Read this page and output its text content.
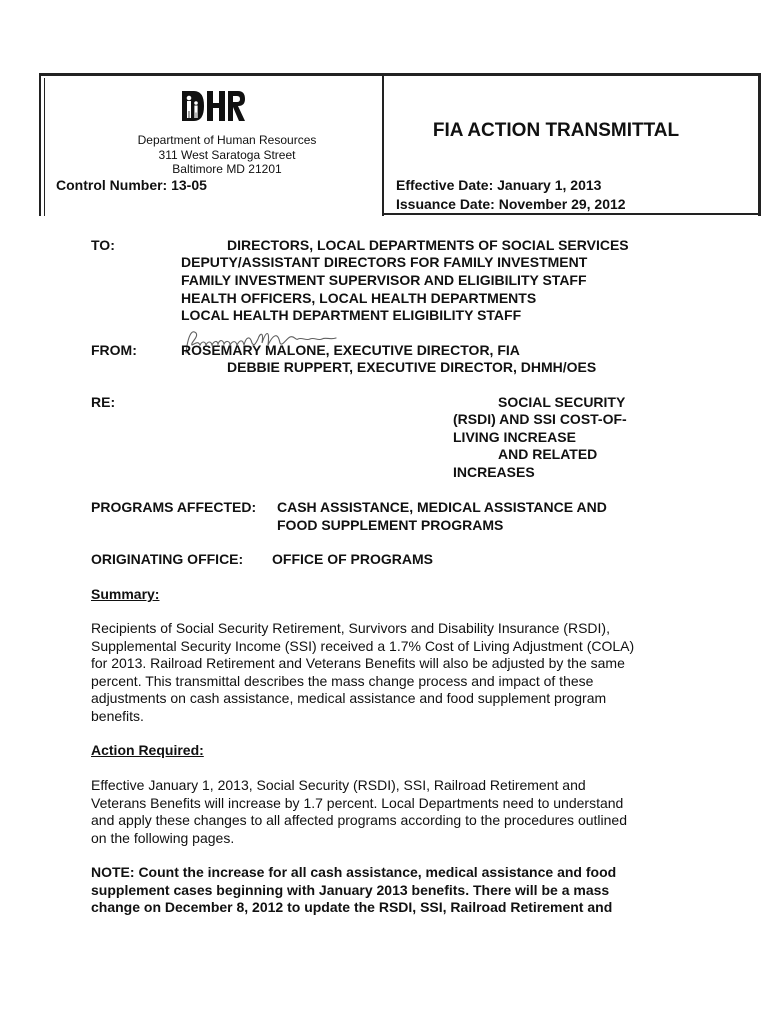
Department of Human Resources
311 West Saratoga Street
Baltimore MD 21201
Control Number: 13-05
FIA ACTION TRANSMITTAL
Effective Date: January 1, 2013
Issuance Date: November 29, 2012
TO:	DIRECTORS, LOCAL DEPARTMENTS OF SOCIAL SERVICES
DEPUTY/ASSISTANT DIRECTORS FOR FAMILY INVESTMENT
FAMILY INVESTMENT SUPERVISOR AND ELIGIBILITY STAFF
HEALTH OFFICERS, LOCAL HEALTH DEPARTMENTS
LOCAL HEALTH DEPARTMENT ELIGIBILITY STAFF
FROM:	ROSEMARY MALONE, EXECUTIVE DIRECTOR, FIA
DEBBIE RUPPERT, EXECUTIVE DIRECTOR, DHMH/OES
RE:	SOCIAL SECURITY
(RSDI) AND SSI COST-OF-
LIVING INCREASE
AND RELATED
INCREASES
PROGRAMS AFFECTED: CASH ASSISTANCE, MEDICAL ASSISTANCE AND
FOOD SUPPLEMENT PROGRAMS
ORIGINATING OFFICE: OFFICE OF PROGRAMS
Summary:
Recipients of Social Security Retirement, Survivors and Disability Insurance (RSDI),
Supplemental Security Income (SSI) received a 1.7% Cost of Living Adjustment (COLA)
for 2013. Railroad Retirement and Veterans Benefits will also be adjusted by the same
percent. This transmittal describes the mass change process and impact of these
adjustments on cash assistance, medical assistance and food supplement program
benefits.
Action Required:
Effective January 1, 2013, Social Security (RSDI), SSI, Railroad Retirement and
Veterans Benefits will increase by 1.7 percent. Local Departments need to understand
and apply these changes to all affected programs according to the procedures outlined
on the following pages.
NOTE: Count the increase for all cash assistance, medical assistance and food
supplement cases beginning with January 2013 benefits. There will be a mass
change on December 8, 2012 to update the RSDI, SSI, Railroad Retirement and
